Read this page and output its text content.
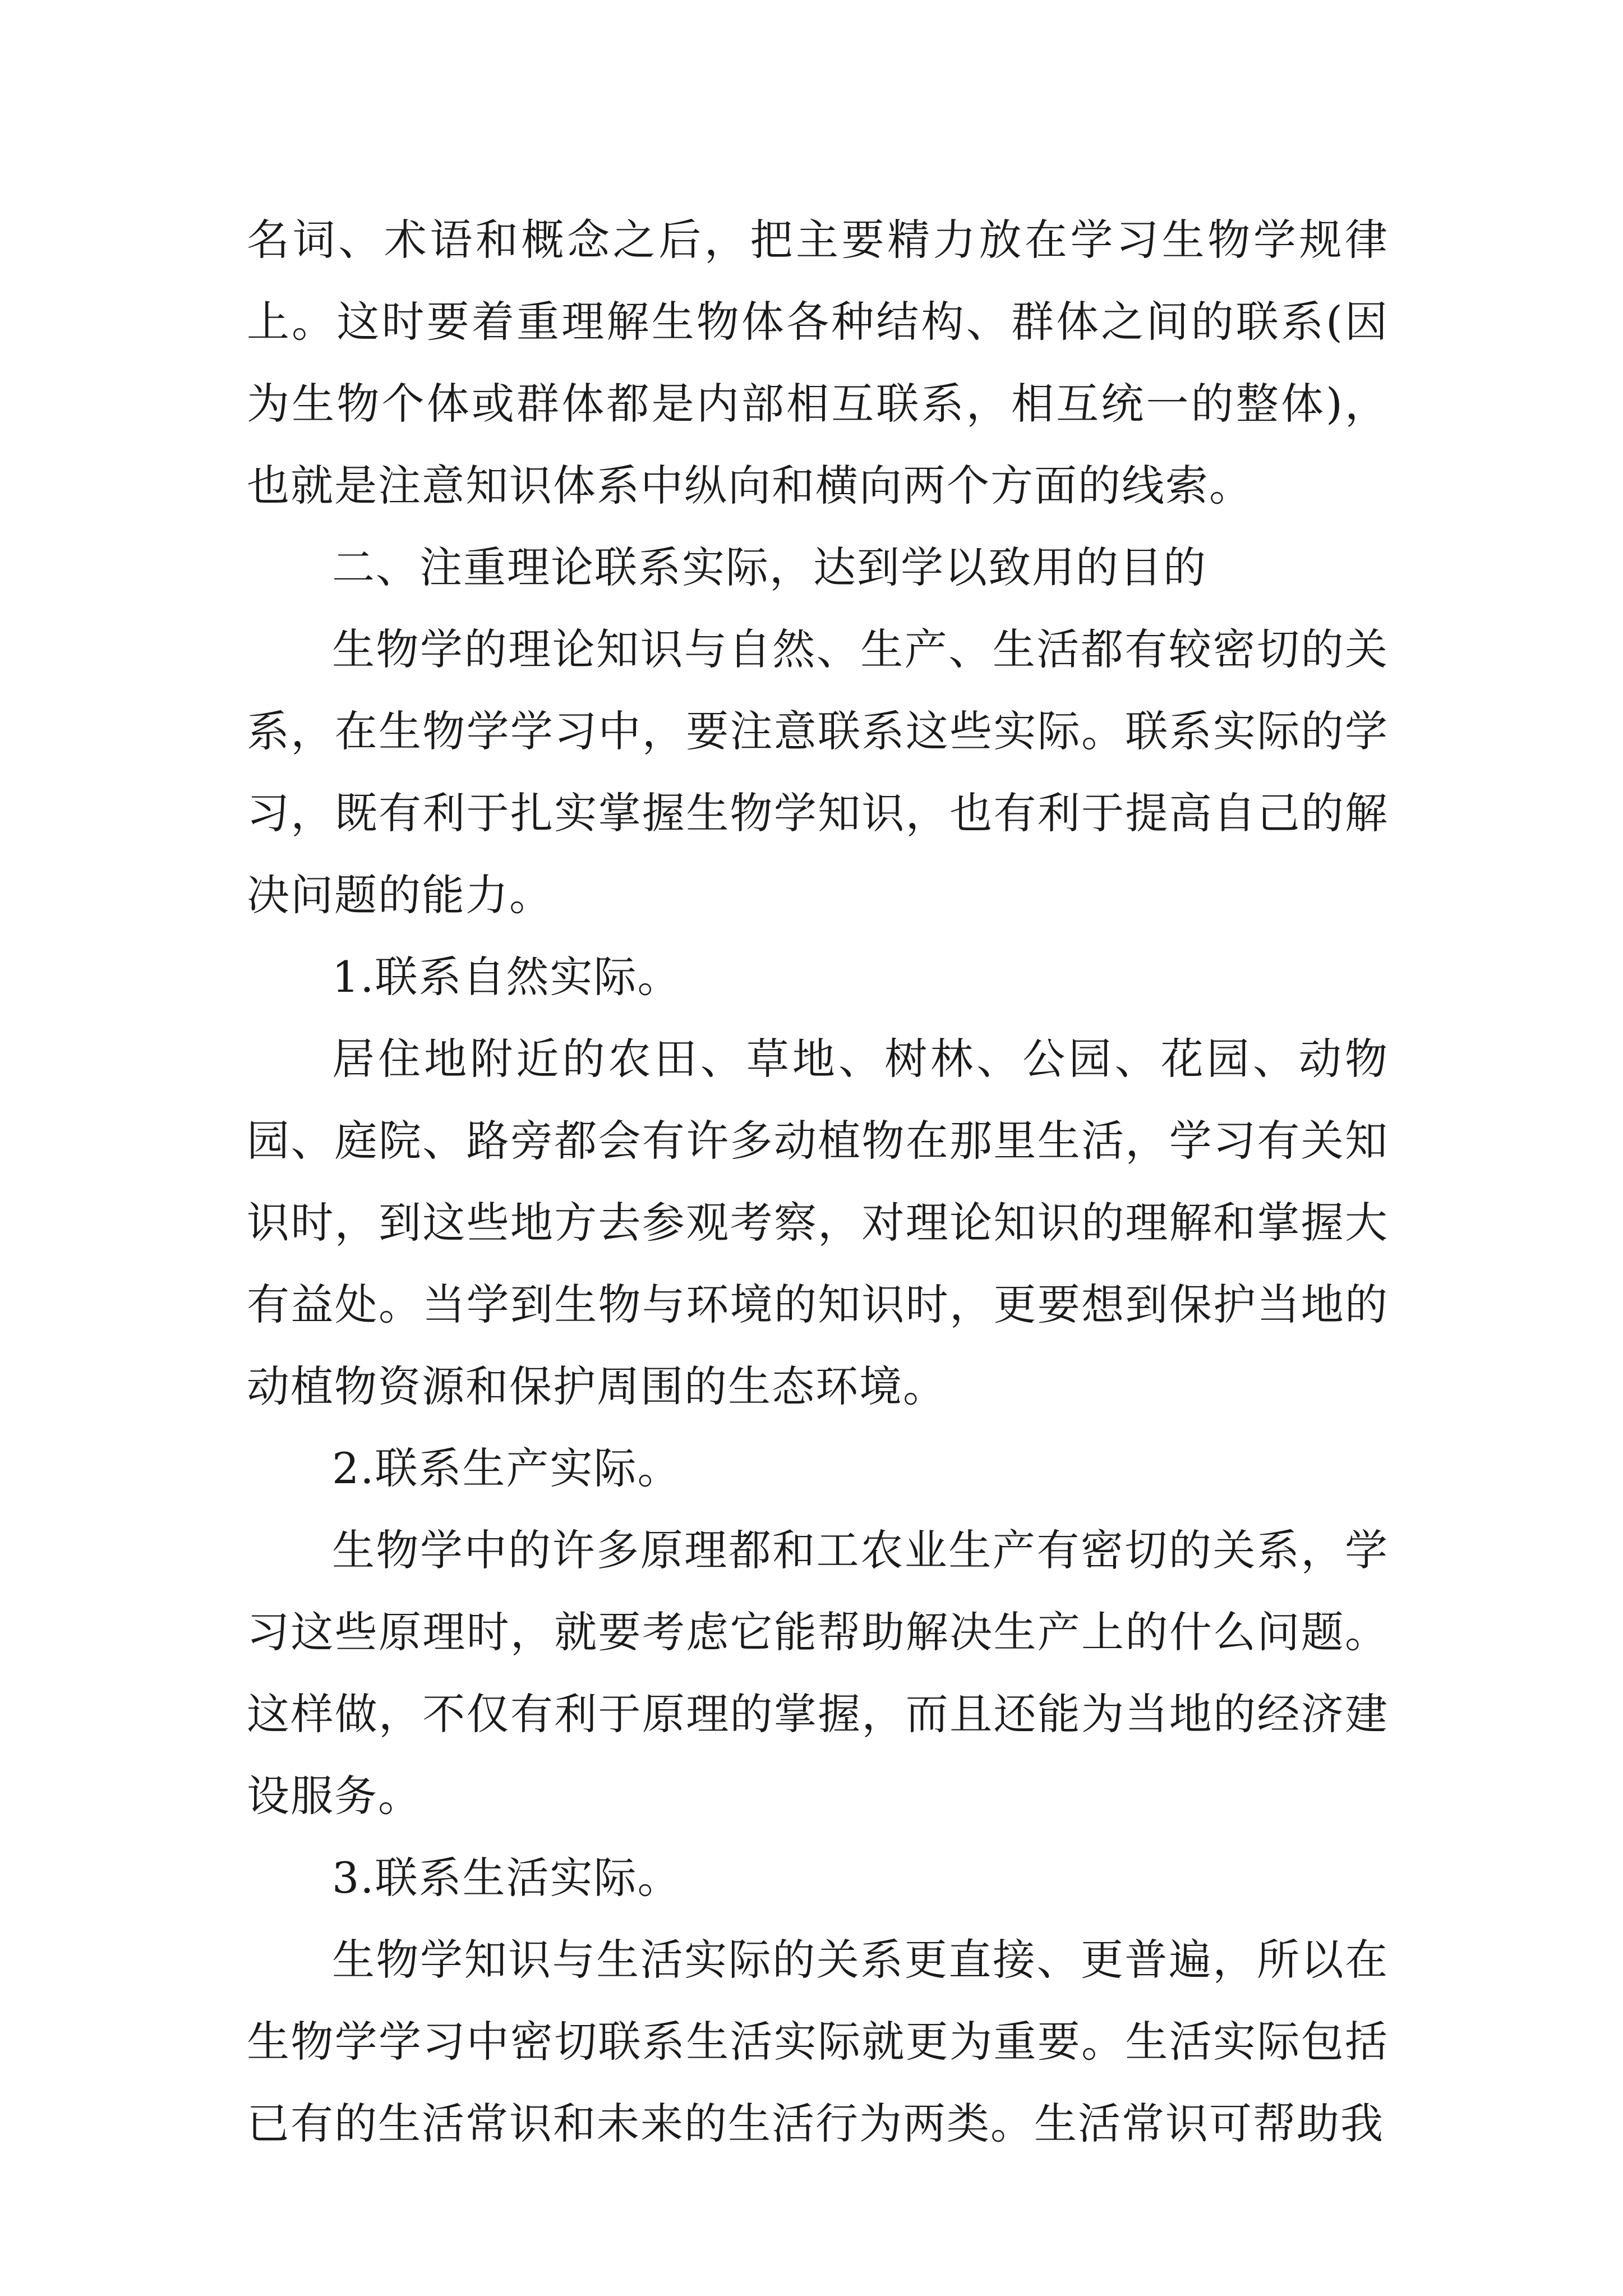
名词、术语和概念之后，把主要精力放在学习生物学规律上。这时要着重理解生物体各种结构、群体之间的联系(因为生物个体或群体都是内部相互联系，相互统一的整体)，也就是注意知识体系中纵向和横向两个方面的线索。

二、注重理论联系实际，达到学以致用的目的

生物学的理论知识与自然、生产、生活都有较密切的关系，在生物学学习中，要注意联系这些实际。联系实际的学习，既有利于扎实掌握生物学知识，也有利于提高自己的解决问题的能力。

1.联系自然实际。

居住地附近的农田、草地、树林、公园、花园、动物园、庭院、路旁都会有许多动植物在那里生活，学习有关知识时，到这些地方去参观考察，对理论知识的理解和掌握大有益处。当学到生物与环境的知识时，更要想到保护当地的动植物资源和保护周围的生态环境。

2.联系生产实际。

生物学中的许多原理都和工农业生产有密切的关系，学习这些原理时，就要考虑它能帮助解决生产上的什么问题。这样做，不仅有利于原理的掌握，而且还能为当地的经济建设服务。

3.联系生活实际。

生物学知识与生活实际的关系更直接、更普遍，所以在生物学学习中密切联系生活实际就更为重要。生活实际包括已有的生活常识和未来的生活行为两类。生活常识可帮助我
